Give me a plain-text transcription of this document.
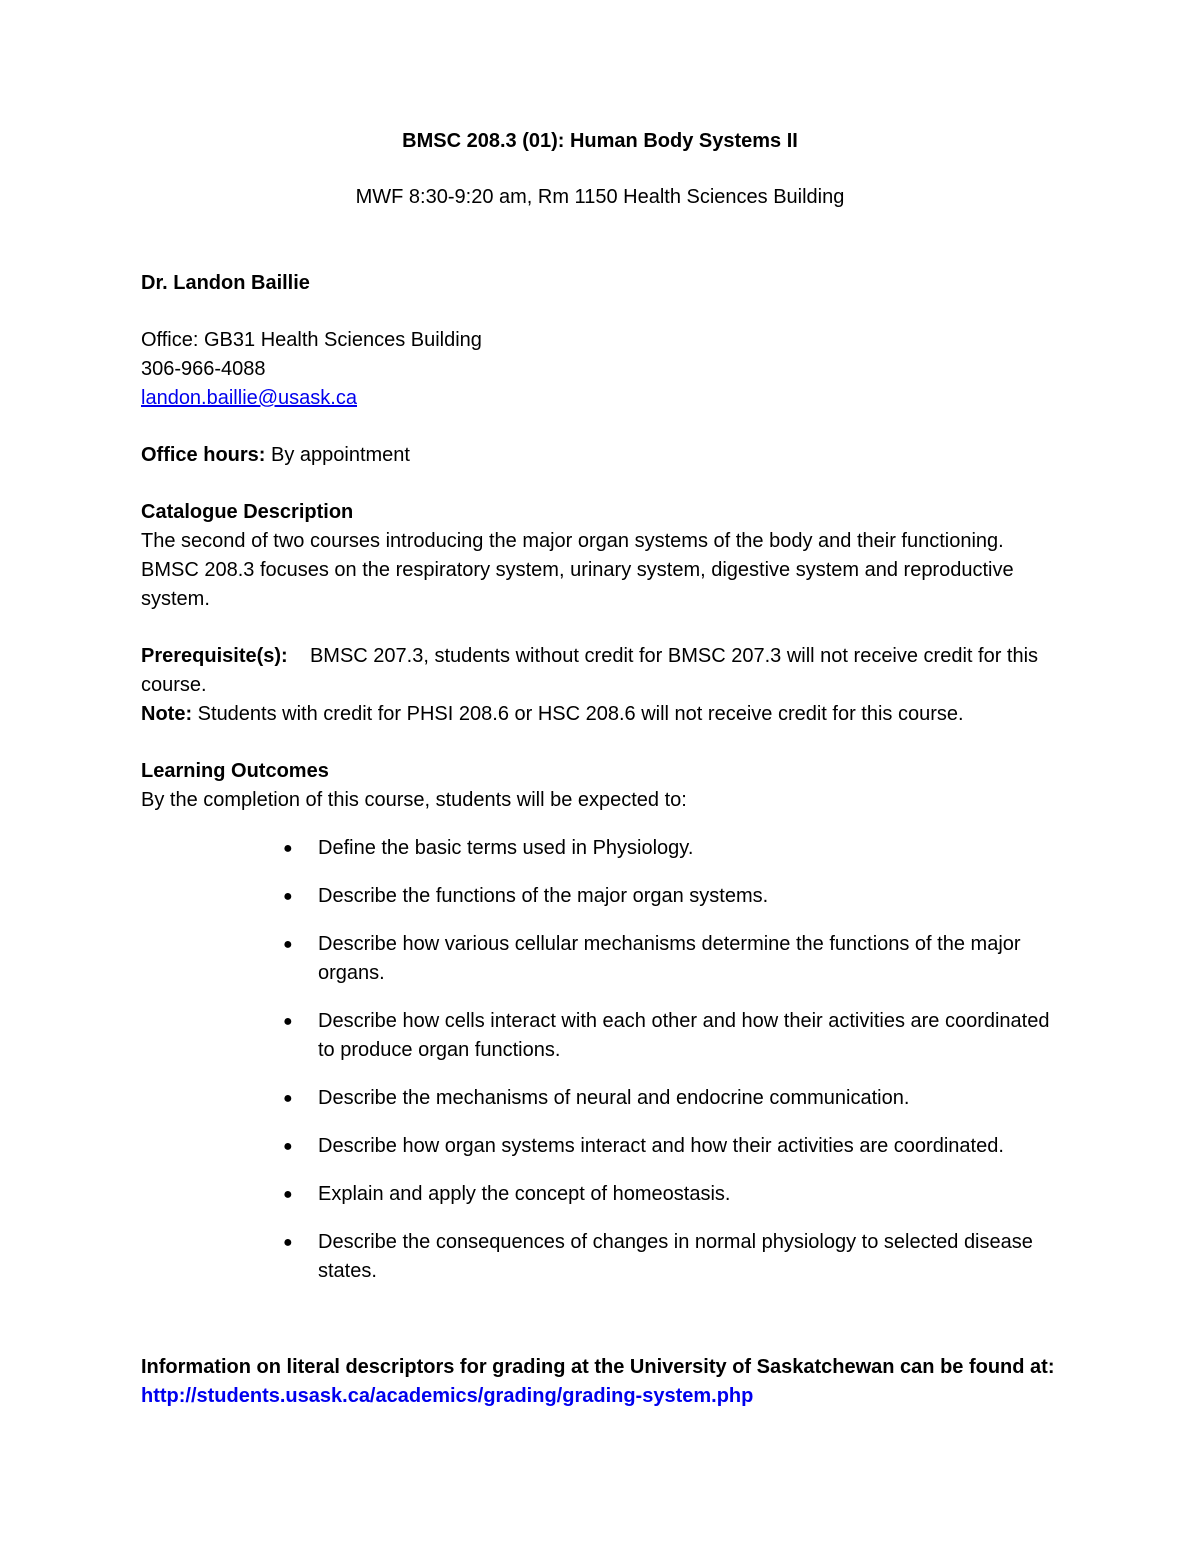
BMSC 208.3 (01): Human Body Systems II

MWF 8:30-9:20 am, Rm 1150 Health Sciences Building

Dr. Landon Baillie

Office: GB31 Health Sciences Building

306-966-4088

landon.baillie@usask.ca

Office hours: By appointment

Catalogue Description

The second of two courses introducing the major organ systems of the body and their functioning. BMSC 208.3 focuses on the respiratory system, urinary system, digestive system and reproductive system.

Prerequisite(s):    BMSC 207.3, students without credit for BMSC 207.3 will not receive credit for this course.

Note: Students with credit for PHSI 208.6 or HSC 208.6 will not receive credit for this course.

Learning Outcomes

By the completion of this course, students will be expected to:

● Define the basic terms used in Physiology.
● Describe the functions of the major organ systems.
● Describe how various cellular mechanisms determine the functions of the major organs.
● Describe how cells interact with each other and how their activities are coordinated to produce organ functions.
● Describe the mechanisms of neural and endocrine communication.
● Describe how organ systems interact and how their activities are coordinated.
● Explain and apply the concept of homeostasis.
● Describe the consequences of changes in normal physiology to selected disease states.

Information on literal descriptors for grading at the University of Saskatchewan can be found at:

http://students.usask.ca/academics/grading/grading-system.php
